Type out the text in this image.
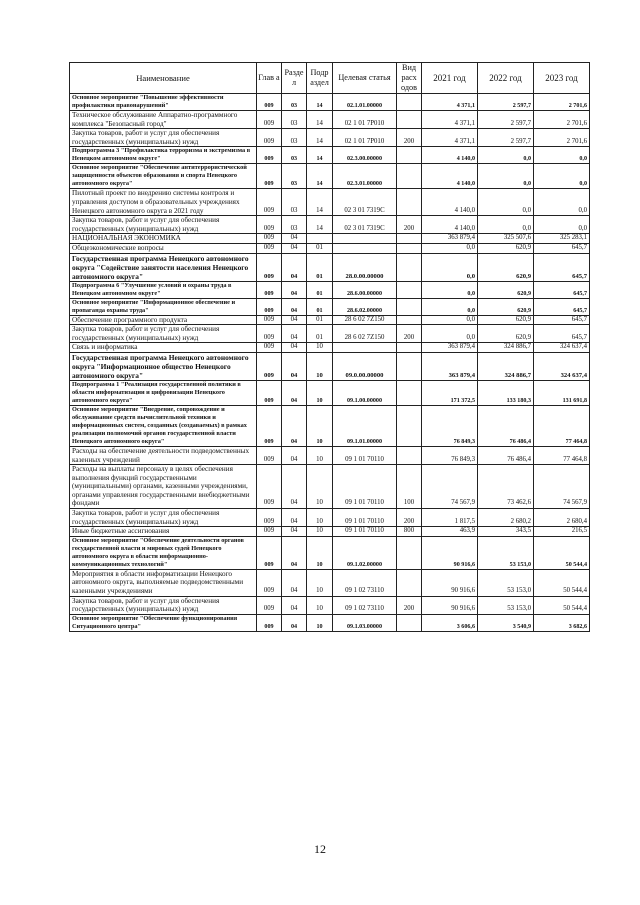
Наименование	Глав а	Разде л	Подр аздел	Целевая статья	Вид расх одов	2021 год	2022 год	2023 год
Основное мероприятие "Повышение эффективности профилактики правонарушений"	009	03	14	02.1.01.00000		4 371,1	2 597,7	2 701,6
Техническое обслуживание Аппаратно-программного комплекса "Безопасный город"	009	03	14	02 1 01 7Р010		4 371,1	2 597,7	2 701,6
Закупка товаров, работ и услуг для обеспечения государственных (муниципальных) нужд	009	03	14	02 1 01 7Р010	200	4 371,1	2 597,7	2 701,6
Подпрограмма 3 "Профилактика терроризма и экстремизма в Ненецком автономном округе"	009	03	14	02.3.00.00000		4 140,0	0,0	0,0
Основное мероприятие "Обеспечение антитеррористической защищенности объектов образования и спорта Ненецкого автономного округа"	009	03	14	02.3.01.00000		4 140,0	0,0	0,0
Пилотный проект по внедрению системы контроля и управления доступом в образовательных учреждениях Ненецкого автономного округа в 2021 году	009	03	14	02 3 01 7319С		4 140,0	0,0	0,0
Закупка товаров, работ и услуг для обеспечения государственных (муниципальных) нужд	009	03	14	02 3 01 7319С	200	4 140,0	0,0	0,0
НАЦИОНАЛЬНАЯ ЭКОНОМИКА	009	04				363 879,4	325 507,6	325 283,1
Общеэкономические вопросы	009	04	01			0,0	620,9	645,7
Государственная программа Ненецкого автономного округа "Содействие занятости населения Ненецкого автономного округа"	009	04	01	28.0.00.00000		0,0	620,9	645,7
Подпрограмма 6 "Улучшение условий и охраны труда в Ненецком автономном округе"	009	04	01	28.6.00.00000		0,0	620,9	645,7
Основное мероприятие "Информационное обеспечение и пропаганда охраны труда"	009	04	01	28.6.02.00000		0,0	620,9	645,7
Обеспечение программного продукта	009	04	01	28 6 02 7Z150		0,0	620,9	645,7
Закупка товаров, работ и услуг для обеспечения государственных (муниципальных) нужд	009	04	01	28 6 02 7Z150	200	0,0	620,9	645,7
Связь и информатика	009	04	10			363 879,4	324 886,7	324 637,4
Государственная программа Ненецкого автономного округа "Информационное общество Ненецкого автономного округа"	009	04	10	09.0.00.00000		363 879,4	324 886,7	324 637,4
Подпрограмма 1 "Реализация государственной политики в области информатизации и цифровизации Ненецкого автономного округа"	009	04	10	09.1.00.00000		171 372,5	133 180,3	131 691,8
Основное мероприятие "Внедрение, сопровождение и обслуживание средств вычислительной техники и информационных систем, созданных (создаваемых) в рамках реализации полномочий органов государственной власти Ненецкого автономного округа"	009	04	10	09.1.01.00000		76 849,3	76 486,4	77 464,8
Расходы на обеспечение деятельности подведомственных казенных учреждений	009	04	10	09 1 01 70110		76 849,3	76 486,4	77 464,8
Расходы на выплаты персоналу в целях обеспечения выполнения функций государственными (муниципальными) органами, казенными учреждениями, органами управления государственными внебюджетными фондами	009	04	10	09 1 01 70110	100	74 567,9	73 462,6	74 567,9
Закупка товаров, работ и услуг для обеспечения государственных (муниципальных) нужд	009	04	10	09 1 01 70110	200	1 817,5	2 680,2	2 680,4
Иные бюджетные ассигнования	009	04	10	09 1 01 70110	800	463,9	343,5	216,5
Основное мероприятие "Обеспечение деятельности органов государственной власти и мировых судей Ненецкого автономного округа в области информационно-коммуникационных технологий"	009	04	10	09.1.02.00000		90 916,6	53 153,0	50 544,4
Мероприятия в области информатизации Ненецкого автономного округа, выполняемые подведомственными казенными учреждениями	009	04	10	09 1 02 73110		90 916,6	53 153,0	50 544,4
Закупка товаров, работ и услуг для обеспечения государственных (муниципальных) нужд	009	04	10	09 1 02 73110	200	90 916,6	53 153,0	50 544,4
Основное мероприятие "Обеспечение функционирования Ситуационного центра"	009	04	10	09.1.03.00000		3 606,6	3 540,9	3 682,6
12
